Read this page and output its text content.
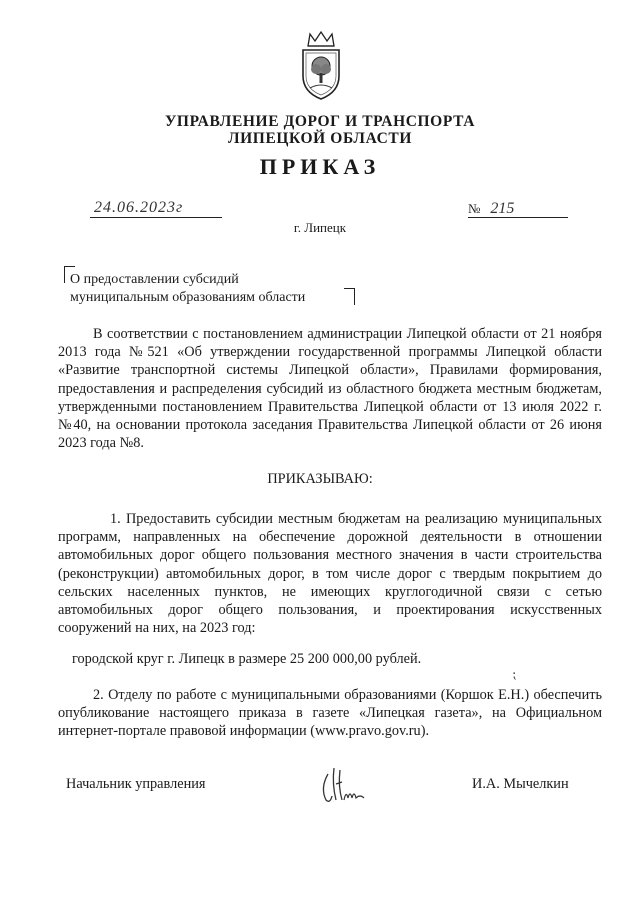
УПРАВЛЕНИЕ ДОРОГ И ТРАНСПОРТА
ЛИПЕЦКОЙ ОБЛАСТИ
ПРИКАЗ
24.06.2023г	№ 215
г. Липецк
О предоставлении субсидий
муниципальным образованиям области
В соответствии с постановлением администрации Липецкой области от 21 ноября 2013 года №521 «Об утверждении государственной программы Липецкой области «Развитие транспортной системы Липецкой области», Правилами формирования, предоставления и распределения субсидий из областного бюджета местным бюджетам, утвержденными постановлением Правительства Липецкой области от 13 июля 2022 г. №40, на основании протокола заседания Правительства Липецкой области от 26 июня 2023 года №8.
ПРИКАЗЫВАЮ:
1. Предоставить субсидии местным бюджетам на реализацию муниципальных программ, направленных на обеспечение дорожной деятельности в отношении автомобильных дорог общего пользования местного значения в части строительства (реконструкции) автомобильных дорог, в том числе дорог с твердым покрытием до сельских населенных пунктов, не имеющих круглогодичной связи с сетью автомобильных дорог общего пользования, и проектирования искусственных сооружений на них, на 2023 год:
городской круг г. Липецк в размере 25 200 000,00 рублей.
⁏
2. Отделу по работе с муниципальными образованиями (Коршок Е.Н.) обеспечить опубликование настоящего приказа в газете «Липецкая газета», на Официальном интернет-портале правовой информации (www.pravo.gov.ru).
Начальник управления	И.А. Мычелкин
